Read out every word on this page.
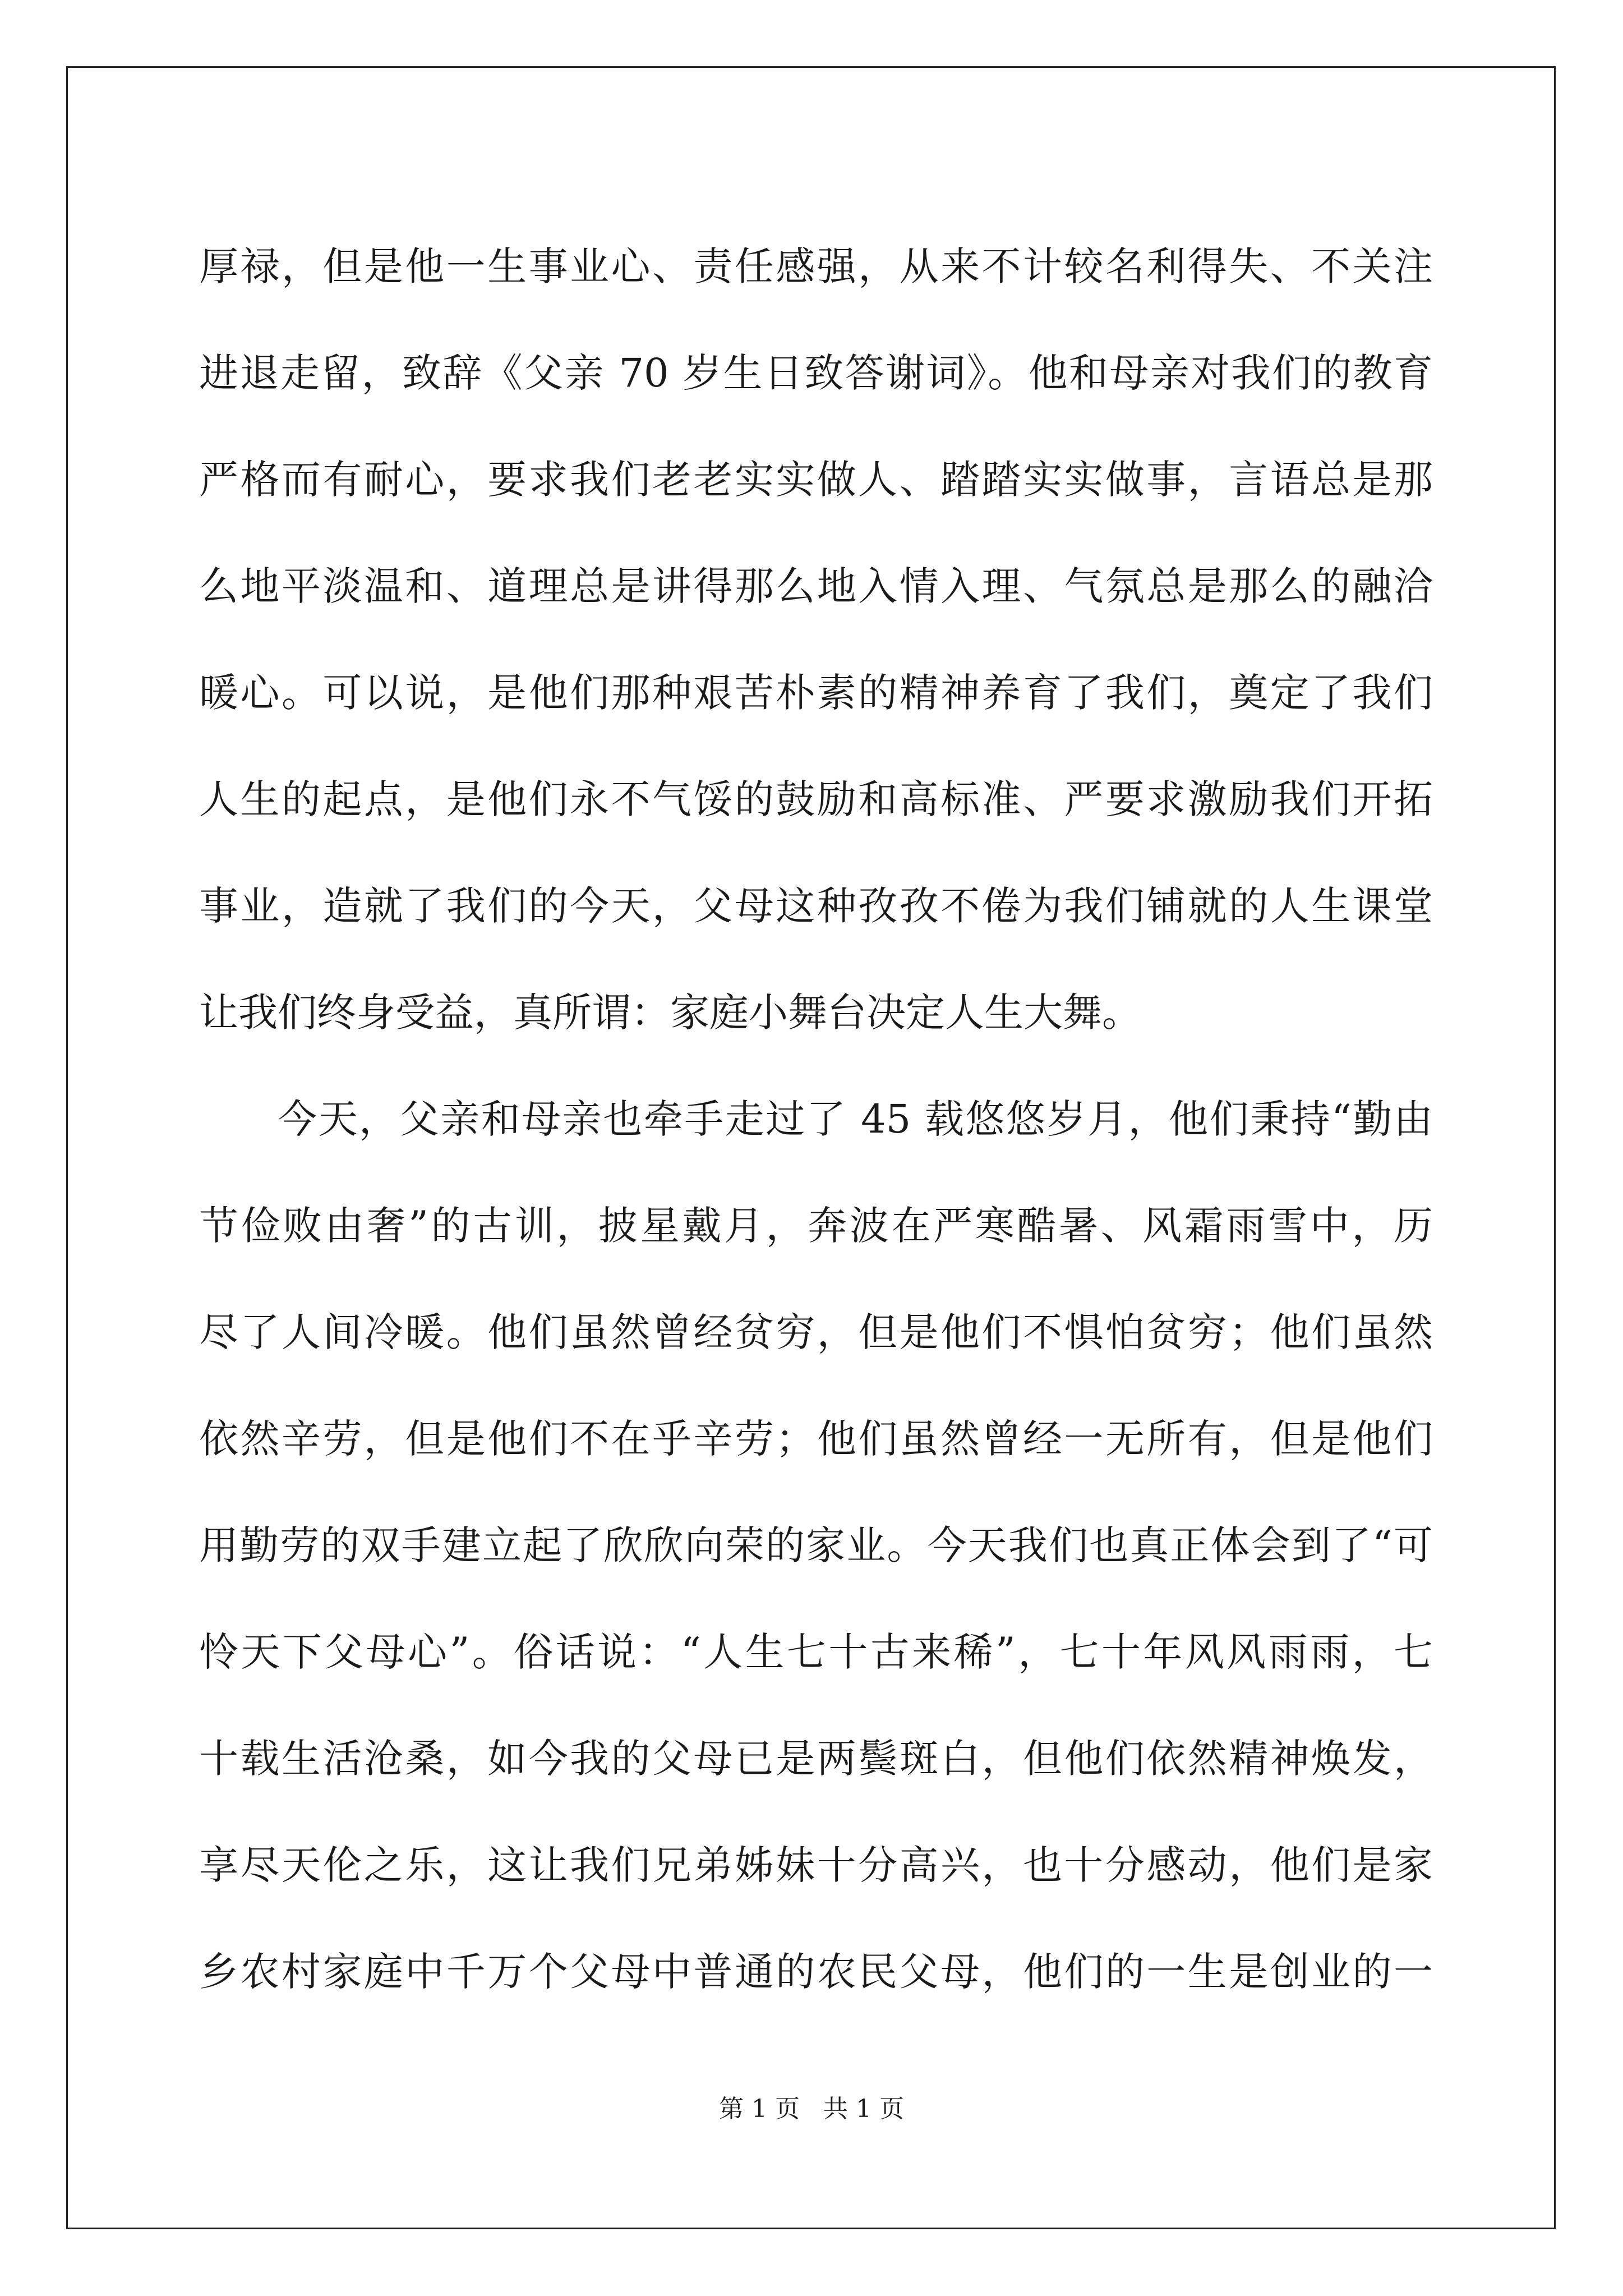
厚禄，但是他一生事业心、责任感强，从来不计较名利得失、不关注
进退走留，致辞《父亲 70 岁生日致答谢词》。他和母亲对我们的教育
严格而有耐心，要求我们老老实实做人、踏踏实实做事，言语总是那
么地平淡温和、道理总是讲得那么地入情入理、气氛总是那么的融洽
暖心。可以说，是他们那种艰苦朴素的精神养育了我们，奠定了我们
人生的起点，是他们永不气馁的鼓励和高标准、严要求激励我们开拓
事业，造就了我们的今天，父母这种孜孜不倦为我们铺就的人生课堂
让我们终身受益，真所谓：家庭小舞台决定人生大舞。
今天，父亲和母亲也牵手走过了 45 载悠悠岁月，他们秉持“勤由
节俭败由奢”的古训，披星戴月，奔波在严寒酷暑、风霜雨雪中，历
尽了人间冷暖。他们虽然曾经贫穷，但是他们不惧怕贫穷；他们虽然
依然辛劳，但是他们不在乎辛劳；他们虽然曾经一无所有，但是他们
用勤劳的双手建立起了欣欣向荣的家业。今天我们也真正体会到了“可
怜天下父母心”。俗话说：“人生七十古来稀”，七十年风风雨雨，七
十载生活沧桑，如今我的父母已是两鬓斑白，但他们依然精神焕发，
享尽天伦之乐，这让我们兄弟姊妹十分高兴，也十分感动，他们是家
乡农村家庭中千万个父母中普通的农民父母，他们的一生是创业的一
第 1 页   共 1 页
